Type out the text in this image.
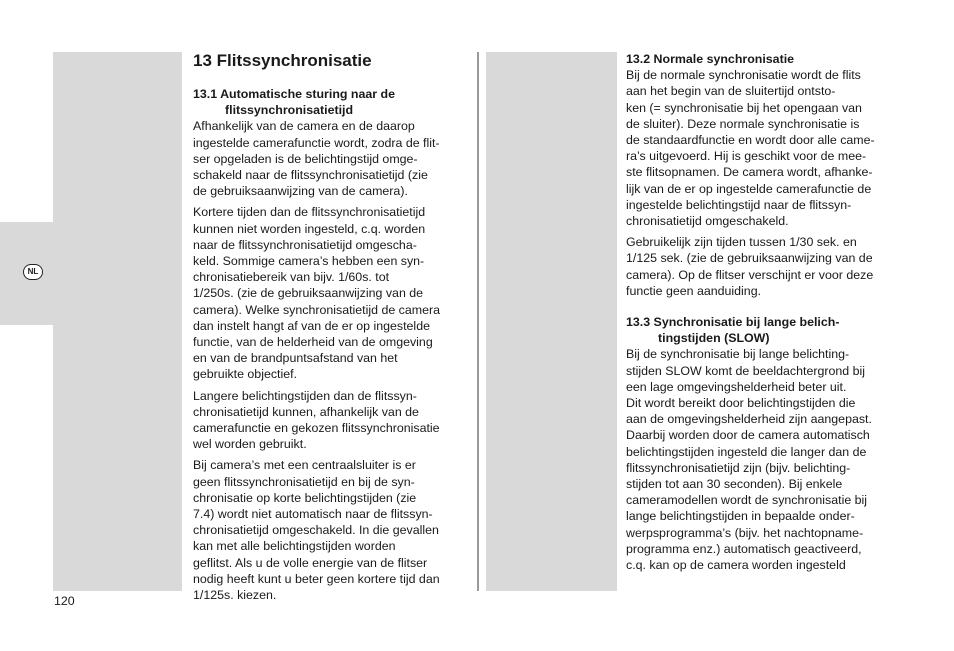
NL
13 Flitssynchronisatie
13.1 Automatische sturing naar de
flitssynchronisatietijd
Afhankelijk van de camera en de daarop
ingestelde camerafunctie wordt, zodra de flit-
ser opgeladen is de belichtingstijd omge-
schakeld naar de flitssynchronisatietijd (zie
de gebruiksaanwijzing van de camera).
Kortere tijden dan de flitssynchronisatietijd
kunnen niet worden ingesteld, c.q. worden
naar de flitssynchronisatietijd omgescha-
keld. Sommige camera’s hebben een syn-
chronisatiebereik van bijv. 1/60s. tot
1/250s. (zie de gebruiksaanwijzing van de
camera). Welke synchronisatietijd de camera
dan instelt hangt af van de er op ingestelde
functie, van de helderheid van de omgeving
en van de brandpuntsafstand van het
gebruikte objectief.
Langere belichtingstijden dan de flitssyn-
chronisatietijd kunnen, afhankelijk van de
camerafunctie en gekozen flitssynchronisatie
wel worden gebruikt.
Bij camera’s met een centraalsluiter is er
geen flitssynchronisatietijd en bij de syn-
chronisatie op korte belichtingstijden (zie
7.4) wordt niet automatisch naar de flitssyn-
chronisatietijd omgeschakeld. In die gevallen
kan met alle belichtingstijden worden
geflitst. Als u de volle energie van de flitser
nodig heeft kunt u beter geen kortere tijd dan
1/125s. kiezen.
13.2 Normale synchronisatie
Bij de normale synchronisatie wordt de flits
aan het begin van de sluitertijd ontsto-
ken (= synchronisatie bij het opengaan van
de sluiter). Deze normale synchronisatie is
de standaardfunctie en wordt door alle came-
ra’s uitgevoerd. Hij is geschikt voor de mee-
ste flitsopnamen. De camera wordt, afhanke-
lijk van de er op ingestelde camerafunctie de
ingestelde belichtingstijd naar de flitssyn-
chronisatietijd omgeschakeld.
Gebruikelijk zijn tijden tussen 1/30 sek. en
1/125 sek. (zie de gebruiksaanwijzing van de
camera). Op de flitser verschijnt er voor deze
functie geen aanduiding.
13.3 Synchronisatie bij lange belich-
tingstijden (SLOW)
Bij de synchronisatie bij lange belichting-
stijden SLOW komt de beeldachtergrond bij
een lage omgevingshelderheid beter uit.
Dit wordt bereikt door belichtingstijden die
aan de omgevingshelderheid zijn aangepast.
Daarbij worden door de camera automatisch
belichtingstijden ingesteld die langer dan de
flitssynchronisatietijd zijn (bijv. belichting-
stijden tot aan 30 seconden). Bij enkele
cameramodellen wordt de synchronisatie bij
lange belichtingstijden in bepaalde onder-
werpsprogramma’s (bijv. het nachtopname-
programma enz.) automatisch geactiveerd,
c.q. kan op de camera worden ingesteld
120
